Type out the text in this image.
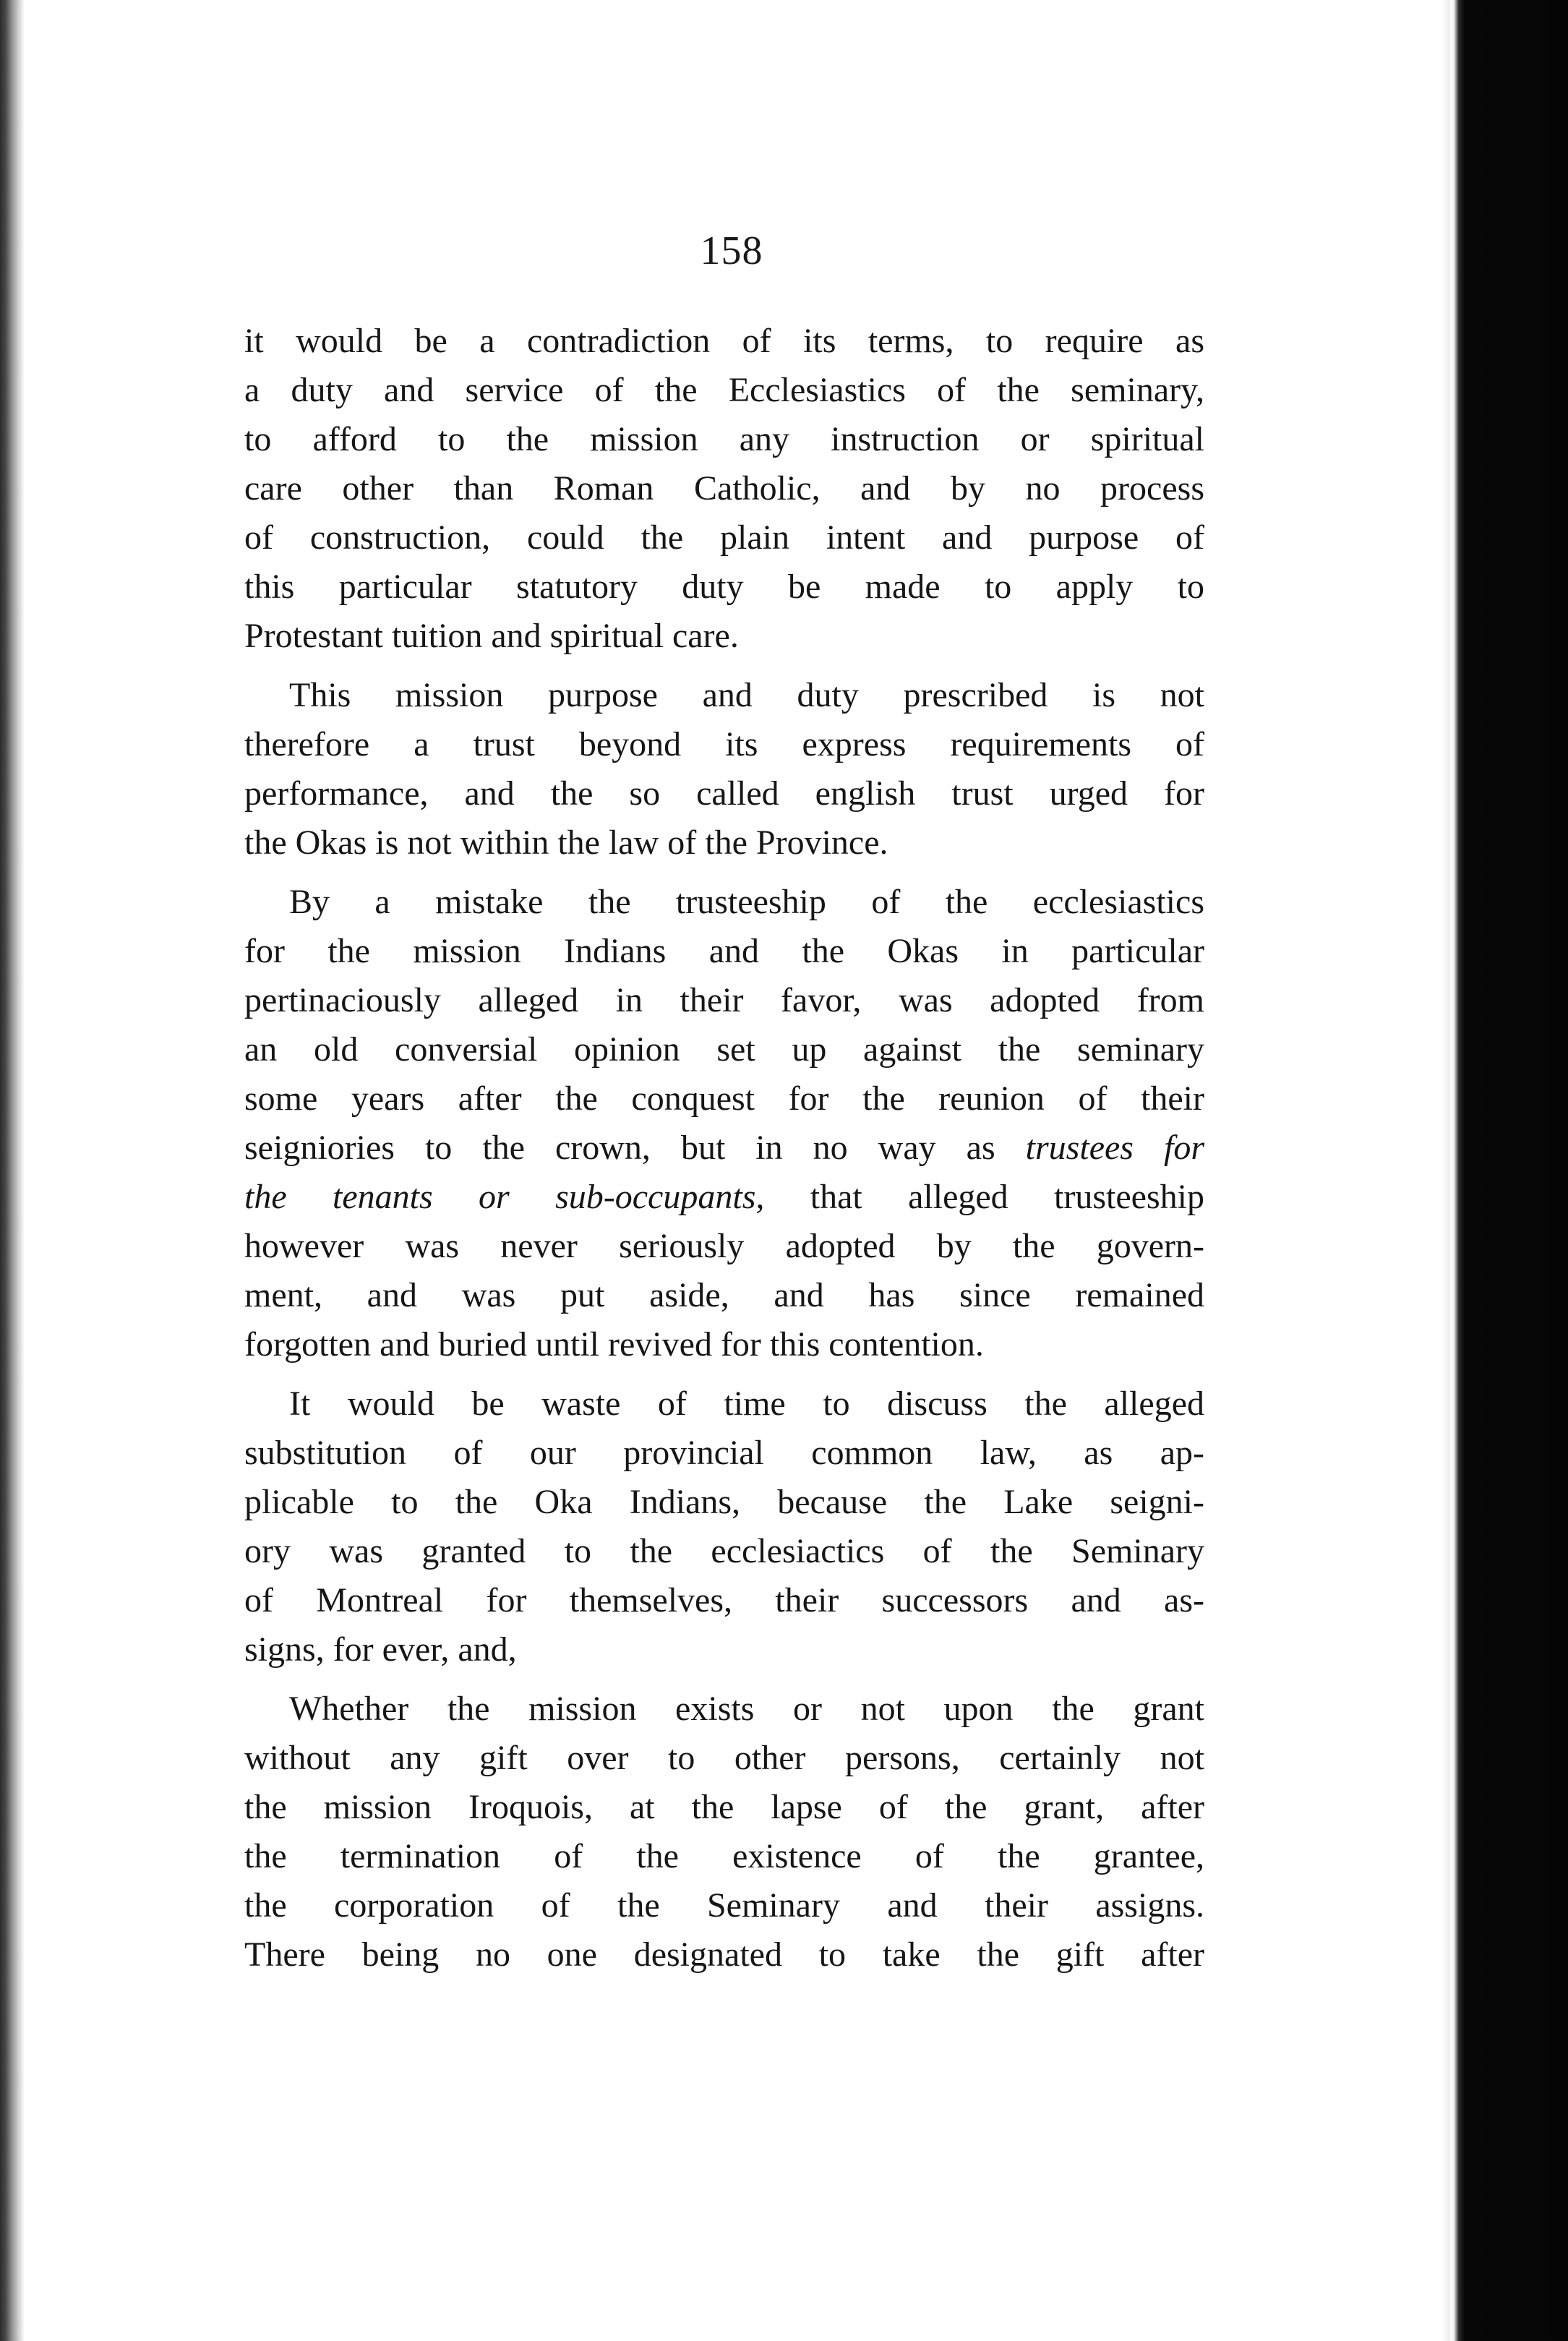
158
it would be a contradiction of its terms, to require as
a duty and service of the Ecclesiastics of the seminary,
to afford to the mission any instruction or spiritual
care other than Roman Catholic, and by no process
of construction, could the plain intent and purpose of
this particular statutory duty be made to apply to
Protestant tuition and spiritual care.
This mission purpose and duty prescribed is not
therefore a trust beyond its express requirements of
performance, and the so called english trust urged for
the Okas is not within the law of the Province.
By a mistake the trusteeship of the ecclesiastics
for the mission Indians and the Okas in particular
pertinaciously alleged in their favor, was adopted from
an old conversial opinion set up against the seminary
some years after the conquest for the reunion of their
seigniories to the crown, but in no way as trustees for
the tenants or sub-occupants, that alleged trusteeship
however was never seriously adopted by the govern-
ment, and was put aside, and has since remained
forgotten and buried until revived for this contention.
It would be waste of time to discuss the alleged
substitution of our provincial common law, as ap-
plicable to the Oka Indians, because the Lake seigni-
ory was granted to the ecclesiactics of the Seminary
of Montreal for themselves, their successors and as-
signs, for ever, and,
Whether the mission exists or not upon the grant
without any gift over to other persons, certainly not
the mission Iroquois, at the lapse of the grant, after
the termination of the existence of the grantee,
the corporation of the Seminary and their assigns.
There being no one designated to take the gift after
